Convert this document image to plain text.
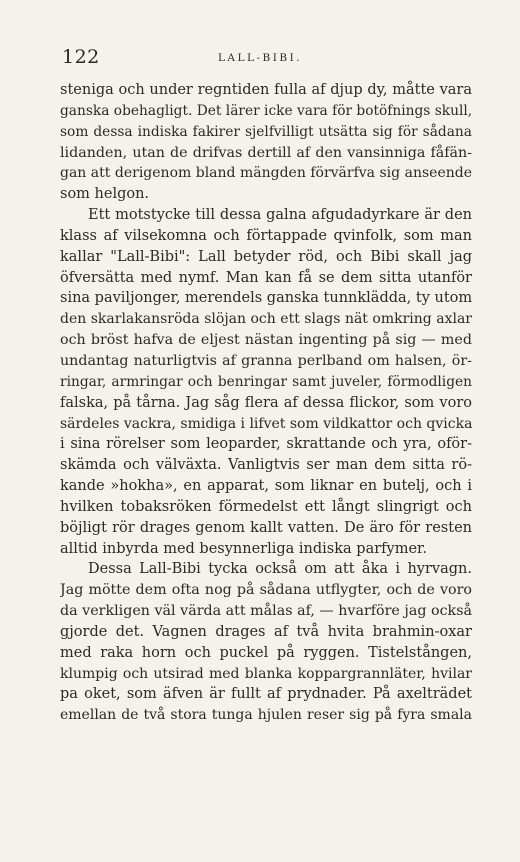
122	LALL-BIBI.
steniga och under regntiden fulla af djup dy, måtte vara
ganska obehagligt. Det lärer icke vara för botöfnings skull,
som dessa indiska fakirer sjelfvilligt utsätta sig för sådana
lidanden, utan de drifvas dertill af den vansinniga fåfän-
gan att derigenom bland mängden förvärfva sig anseende
som helgon.
Ett motstycke till dessa galna afgudadyrkare är den
klass af vilsekomna och förtappade qvinfolk, som man
kallar "Lall-Bibi": Lall betyder röd, och Bibi skall jag
öfversätta med nymf. Man kan få se dem sitta utanför
sina paviljonger, merendels ganska tunnklädda, ty utom
den skarlakansröda slöjan och ett slags nät omkring axlar
och bröst hafva de eljest nästan ingenting på sig — med
undantag naturligtvis af granna perlband om halsen, ör-
ringar, armringar och benringar samt juveler, förmodligen
falska, på tårna. Jag såg flera af dessa flickor, som voro
särdeles vackra, smidiga i lifvet som vildkattor och qvicka
i sina rörelser som leoparder, skrattande och yra, oför-
skämda och välväxta. Vanligtvis ser man dem sitta rö-
kande »hokha», en apparat, som liknar en butelj, och i
hvilken tobaksröken förmedelst ett långt slingrigt och
böjligt rör drages genom kallt vatten. De äro för resten
alltid inbyrda med besynnerliga indiska parfymer.
Dessa Lall-Bibi tycka också om att åka i hyrvagn.
Jag mötte dem ofta nog på sådana utflygter, och de voro
da verkligen väl värda att målas af, — hvarföre jag också
gjorde det. Vagnen drages af två hvita brahmin-oxar
med raka horn och puckel på ryggen. Tistelstången,
klumpig och utsirad med blanka koppargrannläter, hvilar
pa oket, som äfven är fullt af prydnader. På axelträdet
emellan de två stora tunga hjulen reser sig på fyra smala
